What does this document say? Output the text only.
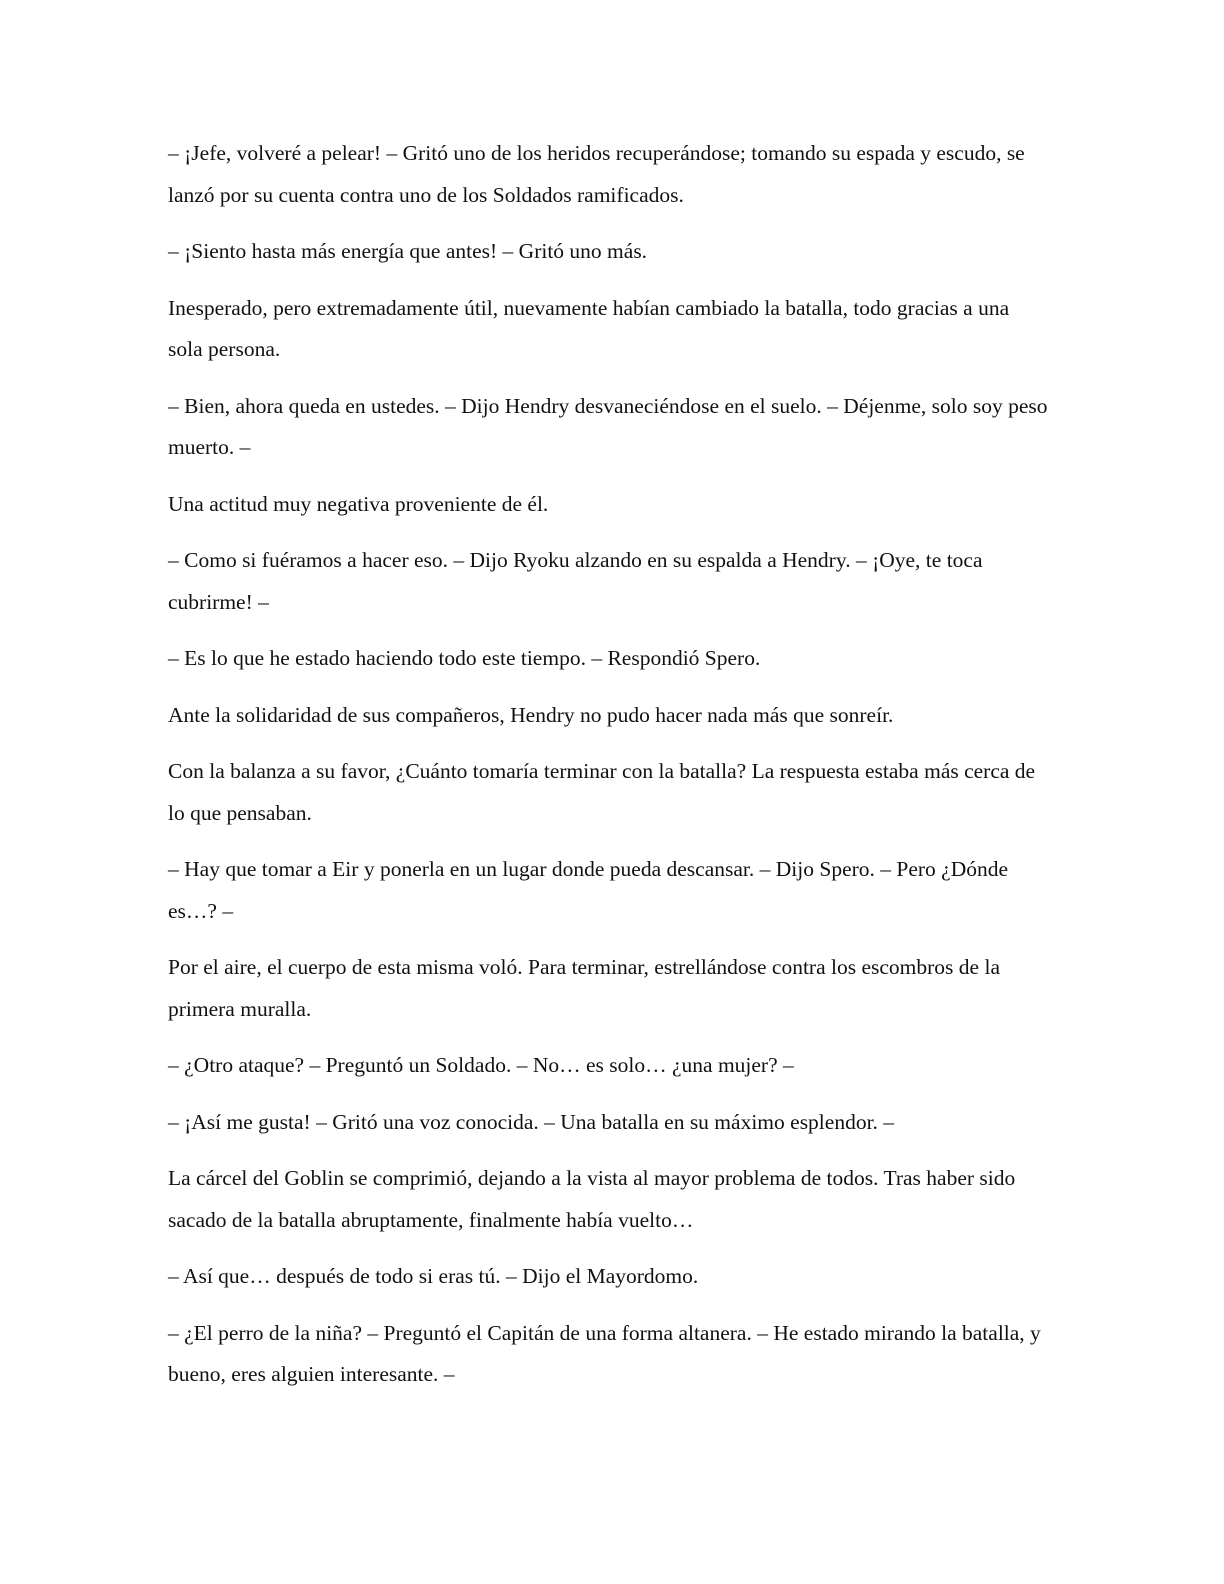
– ¡Jefe, volveré a pelear! – Gritó uno de los heridos recuperándose; tomando su espada y escudo, se lanzó por su cuenta contra uno de los Soldados ramificados.

– ¡Siento hasta más energía que antes! – Gritó uno más.

Inesperado, pero extremadamente útil, nuevamente habían cambiado la batalla, todo gracias a una sola persona.

– Bien, ahora queda en ustedes. – Dijo Hendry desvaneciéndose en el suelo. – Déjenme, solo soy peso muerto. –

Una actitud muy negativa proveniente de él.

– Como si fuéramos a hacer eso. – Dijo Ryoku alzando en su espalda a Hendry. – ¡Oye, te toca cubrirme! –

– Es lo que he estado haciendo todo este tiempo. – Respondió Spero.

Ante la solidaridad de sus compañeros, Hendry no pudo hacer nada más que sonreír.

Con la balanza a su favor, ¿Cuánto tomaría terminar con la batalla? La respuesta estaba más cerca de lo que pensaban.

– Hay que tomar a Eir y ponerla en un lugar donde pueda descansar. – Dijo Spero. – Pero ¿Dónde es…? –

Por el aire, el cuerpo de esta misma voló. Para terminar, estrellándose contra los escombros de la primera muralla.

– ¿Otro ataque? – Preguntó un Soldado. – No… es solo… ¿una mujer? –

– ¡Así me gusta! – Gritó una voz conocida. – Una batalla en su máximo esplendor. –

La cárcel del Goblin se comprimió, dejando a la vista al mayor problema de todos. Tras haber sido sacado de la batalla abruptamente, finalmente había vuelto…

– Así que… después de todo si eras tú. – Dijo el Mayordomo.

– ¿El perro de la niña? – Preguntó el Capitán de una forma altanera. – He estado mirando la batalla, y bueno, eres alguien interesante. –
